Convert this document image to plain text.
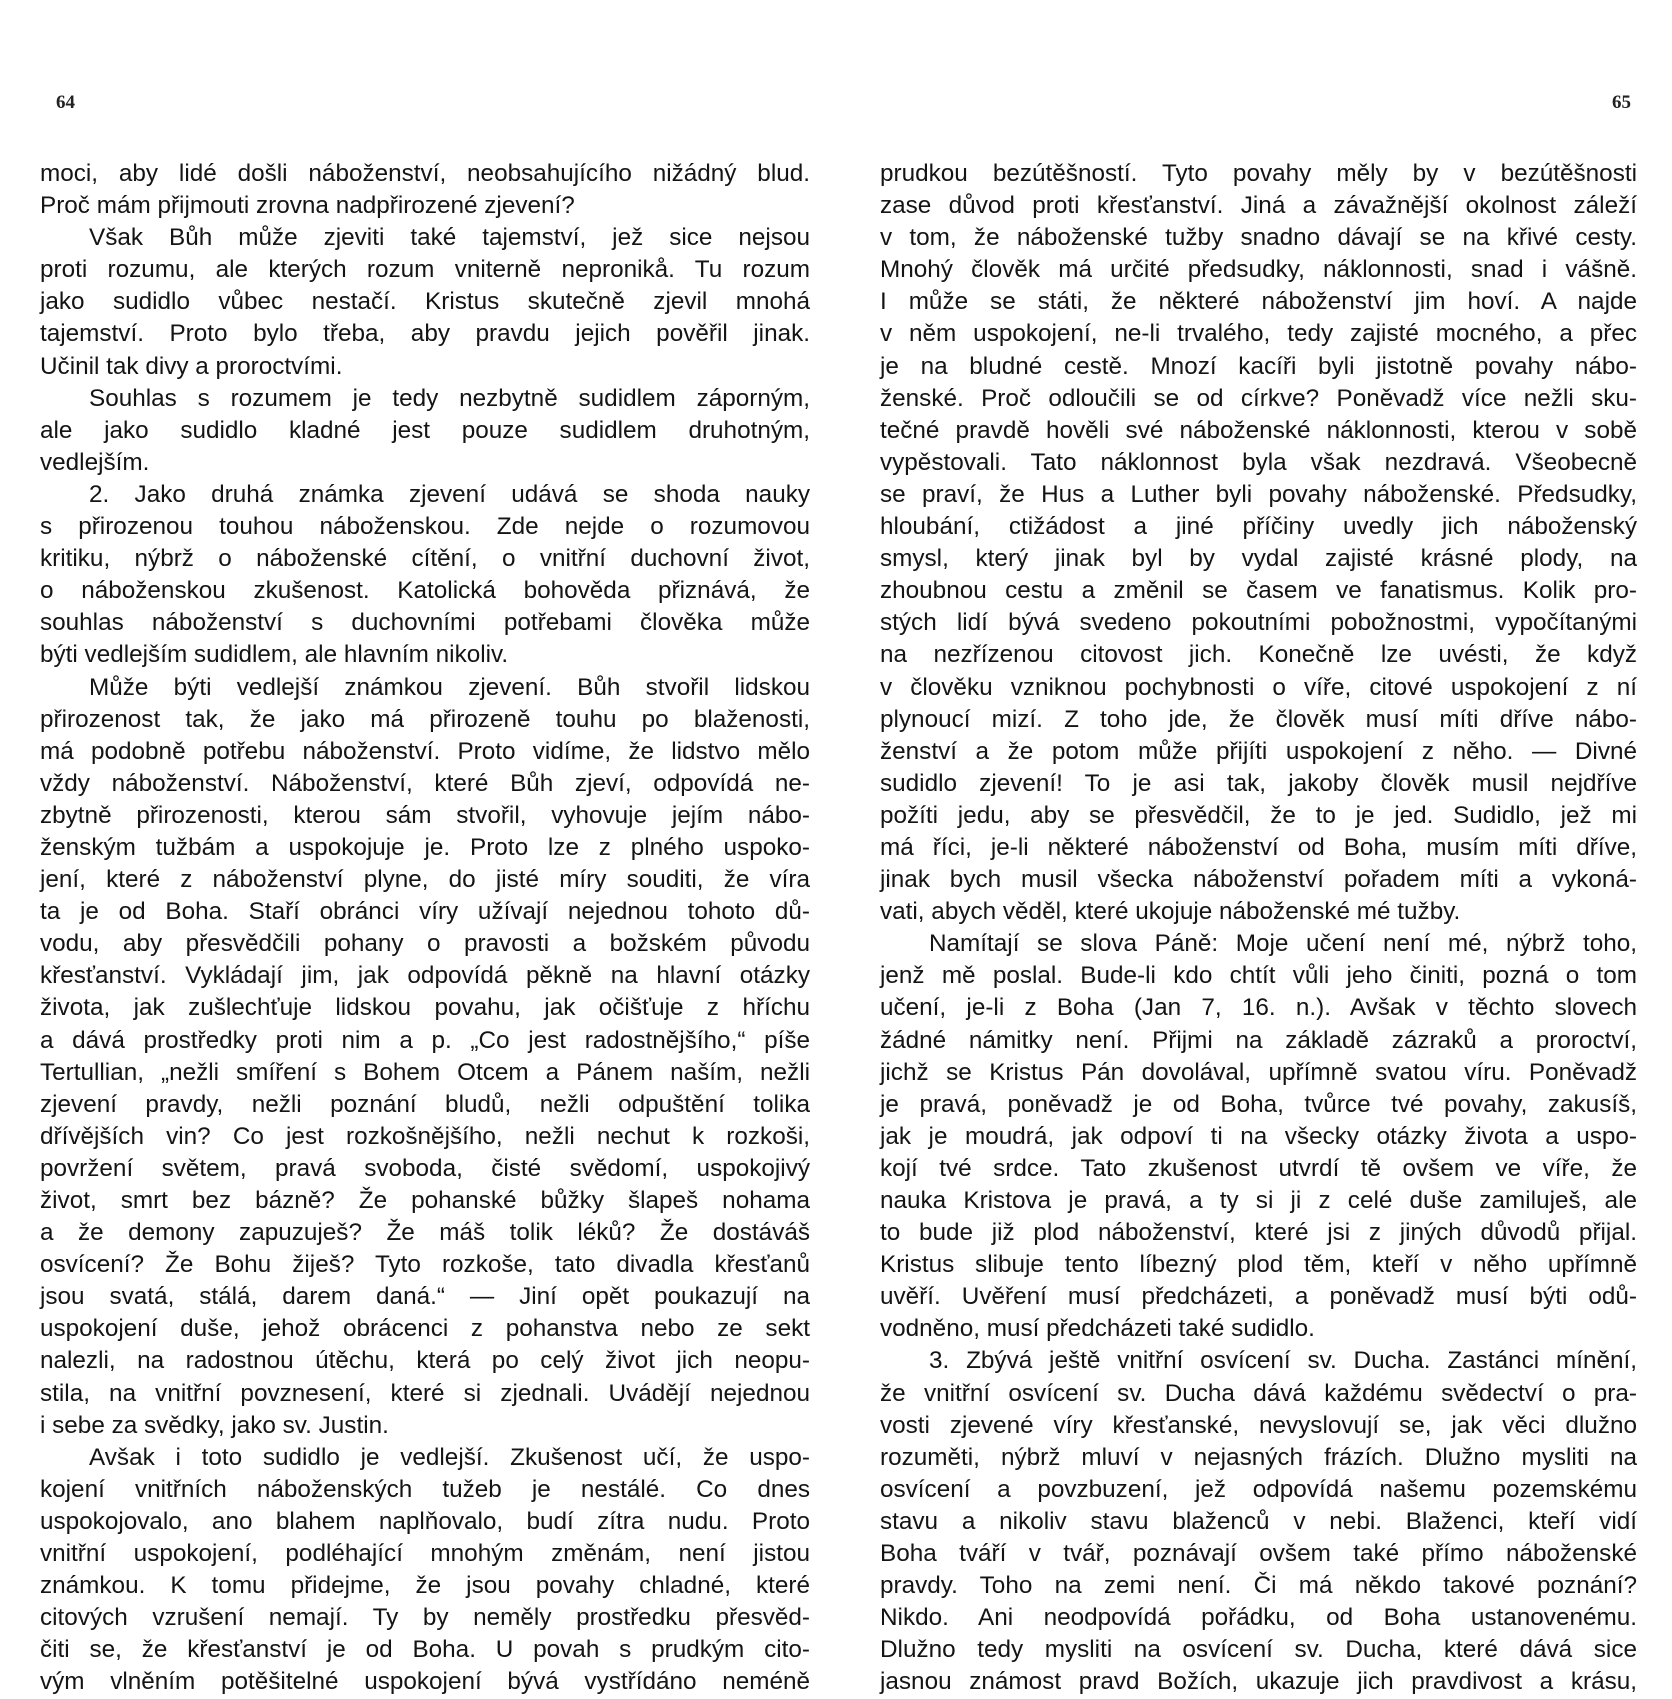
64
moci, aby lidé došli náboženství, neobsahujícího nižádný blud.
Proč mám přijmouti zrovna nadpřirozené zjevení?
Však Bůh může zjeviti také tajemství, jež sice nejsou
proti rozumu, ale kterých rozum vniterně nepronikå. Tu rozum
jako sudidlo vůbec nestačí. Kristus skutečně zjevil mnohá
tajemství. Proto bylo třeba, aby pravdu jejich pověřil jinak.
Učinil tak divy a proroctvími.
Souhlas s rozumem je tedy nezbytně sudidlem záporným,
ale jako sudidlo kladné jest pouze sudidlem druhotným,
vedlejším.
2. Jako druhá známka zjevení udává se shoda nauky
s přirozenou touhou náboženskou. Zde nejde o rozumovou
kritiku, nýbrž o náboženské cítění, o vnitřní duchovní život,
o náboženskou zkušenost. Katolická bohověda přiznává, že
souhlas náboženství s duchovními potřebami člověka může
býti vedlejším sudidlem, ale hlavním nikoliv.
Může býti vedlejší známkou zjevení. Bůh stvořil lidskou
přirozenost tak, že jako má přirozeně touhu po blaženosti,
má podobně potřebu náboženství. Proto vidíme, že lidstvo mělo
vždy náboženství. Náboženství, které Bůh zjeví, odpovídá ne-
zbytně přirozenosti, kterou sám stvořil, vyhovuje jejím nábo-
ženským tužbám a uspokojuje je. Proto lze z plného uspoko-
jení, které z náboženství plyne, do jisté míry souditi, že víra
ta je od Boha. Staří obránci víry užívají nejednou tohoto dů-
vodu, aby přesvědčili pohany o pravosti a božském původu
křesťanství. Vykládají jim, jak odpovídá pěkně na hlavní otázky
života, jak zušlechťuje lidskou povahu, jak očišťuje z hříchu
a dává prostředky proti nim a p. „Co jest radostnějšího,“ píše
Tertullian, „nežli smíření s Bohem Otcem a Pánem naším, nežli
zjevení pravdy, nežli poznání bludů, nežli odpuštění tolika
dřívějších vin? Co jest rozkošnějšího, nežli nechut k rozkoši,
povržení světem, pravá svoboda, čisté svědomí, uspokojivý
život, smrt bez bázně? Že pohanské bůžky šlapeš nohama
a že demony zapuzuješ? Že máš tolik léků? Že dostáváš
osvícení? Že Bohu žiješ? Tyto rozkoše, tato divadla křesťanů
jsou svatá, stálá, darem daná.“ — Jiní opět poukazují na
uspokojení duše, jehož obrácenci z pohanstva nebo ze sekt
nalezli, na radostnou útěchu, která po celý život jich neopu-
stila, na vnitřní povznesení, které si zjednali. Uvádějí nejednou
i sebe za svědky, jako sv. Justin.
Avšak i toto sudidlo je vedlejší. Zkušenost učí, že uspo-
kojení vnitřních náboženských tužeb je nestálé. Co dnes
uspokojovalo, ano blahem naplňovalo, budí zítra nudu. Proto
vnitřní uspokojení, podléhající mnohým změnám, není jistou
známkou. K tomu přidejme, že jsou povahy chladné, které
citových vzrušení nemají. Ty by neměly prostředku přesvěd-
čiti se, že křesťanství je od Boha. U povah s prudkým cito-
vým vlněním potěšitelné uspokojení bývá vystřídáno neméně
65
prudkou bezútěšností. Tyto povahy měly by v bezútěšnosti
zase důvod proti křesťanství. Jiná a závažnější okolnost záleží
v tom, že náboženské tužby snadno dávají se na křivé cesty.
Mnohý člověk má určité předsudky, náklonnosti, snad i vášně.
I může se státi, že některé náboženství jim hoví. A najde
v něm uspokojení, ne-li trvalého, tedy zajisté mocného, a přec
je na bludné cestě. Mnozí kacíři byli jistotně povahy nábo-
ženské. Proč odloučili se od církve? Poněvadž více nežli sku-
tečné pravdě hověli své náboženské náklonnosti, kterou v sobě
vypěstovali. Tato náklonnost byla však nezdravá. Všeobecně
se praví, že Hus a Luther byli povahy náboženské. Předsudky,
hloubání, ctižádost a jiné příčiny uvedly jich náboženský
smysl, který jinak byl by vydal zajisté krásné plody, na
zhoubnou cestu a změnil se časem ve fanatismus. Kolik pro-
stých lidí bývá svedeno pokoutními pobožnostmi, vypočítanými
na nezřízenou citovost jich. Konečně lze uvésti, že když
v člověku vzniknou pochybnosti o víře, citové uspokojení z ní
plynoucí mizí. Z toho jde, že člověk musí míti dříve nábo-
ženství a že potom může přijíti uspokojení z něho. — Divné
sudidlo zjevení! To je asi tak, jakoby člověk musil nejdříve
požíti jedu, aby se přesvědčil, že to je jed. Sudidlo, jež mi
má říci, je-li některé náboženství od Boha, musím míti dříve,
jinak bych musil všecka náboženství pořadem míti a vykoná-
vati, abych věděl, které ukojuje náboženské mé tužby.
Namítají se slova Páně: Moje učení není mé, nýbrž toho,
jenž mě poslal. Bude-li kdo chtít vůli jeho činiti, pozná o tom
učení, je-li z Boha (Jan 7, 16. n.). Avšak v těchto slovech
žádné námitky není. Přijmi na základě zázraků a proroctví,
jichž se Kristus Pán dovolával, upřímně svatou víru. Poněvadž
je pravá, poněvadž je od Boha, tvůrce tvé povahy, zakusíš,
jak je moudrá, jak odpoví ti na všecky otázky života a uspo-
kojí tvé srdce. Tato zkušenost utvrdí tě ovšem ve víře, že
nauka Kristova je pravá, a ty si ji z celé duše zamiluješ, ale
to bude již plod náboženství, které jsi z jiných důvodů přijal.
Kristus slibuje tento líbezný plod těm, kteří v něho upřímně
uvěří. Uvěření musí předcházeti, a poněvadž musí býti odů-
vodněno, musí předcházeti také sudidlo.
3. Zbývá ještě vnitřní osvícení sv. Ducha. Zastánci mínění,
že vnitřní osvícení sv. Ducha dává každému svědectví o pra-
vosti zjevené víry křesťanské, nevyslovují se, jak věci dlužno
rozuměti, nýbrž mluví v nejasných frázích. Dlužno mysliti na
osvícení a povzbuzení, jež odpovídá našemu pozemskému
stavu a nikoliv stavu blaženců v nebi. Blaženci, kteří vidí
Boha tváří v tvář, poznávají ovšem také přímo náboženské
pravdy. Toho na zemi není. Či má někdo takové poznání?
Nikdo. Ani neodpovídá pořádku, od Boha ustanovenému.
Dlužno tedy mysliti na osvícení sv. Ducha, které dává sice
jasnou známost pravd Božích, ukazuje jich pravdivost a krásu,
